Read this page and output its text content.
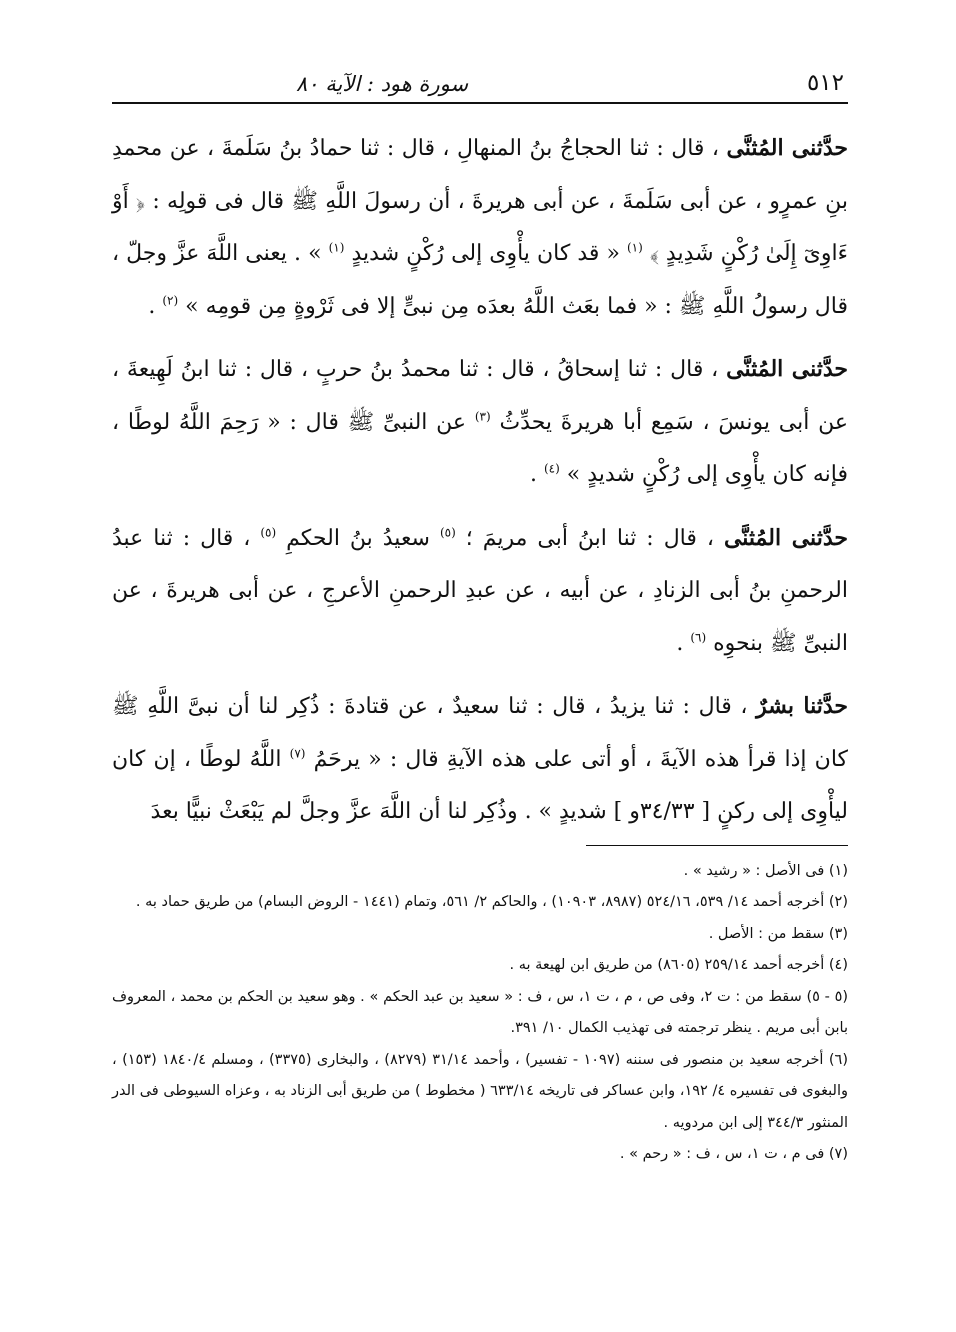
٥١٢
سورة هود : الآية ٨٠

حدَّثنى المُثنَّى ، قال : ثنا الحجاجُ بنُ المنهالِ ، قال : ثنا حمادُ بنُ سَلَمةَ ، عن محمدِ بنِ عمرٍو ، عن أبى سَلَمةَ ، عن أبى هريرةَ ، أن رسولَ اللَّهِ ﷺ قال فى قولِه : ﴿ أَوْ ءَاوِىٓ إِلَىٰ رُكْنٍ شَدِيدٍ ﴾ $^{(١)}$ « قد كان يأْوِى إلى رُكْنٍ شديدٍ $^{(١)}$ » . يعنى اللَّهَ عزَّ وجلّ ، قال رسولُ اللَّهِ ﷺ : « فما بعَث اللَّهُ بعدَه مِن نبىٍّ إلا فى ثَرْوةٍ مِن قومِه » $^{(٢)}$ .

حدَّثنى المُثنَّى ، قال : ثنا إسحاقُ ، قال : ثنا محمدُ بنُ حربٍ ، قال : ثنا ابنُ لَهِيعةَ ، عن أبى يونسَ ، سَمِع أبا هريرةَ يحدِّثُ $^{(٣)}$ عن النبىِّ ﷺ قال : « رَحِمَ اللَّهُ لوطًا ، فإنه كان يأْوِى إلى رُكْنٍ شديدٍ » $^{(٤)}$ .

حدَّثنى المُثنَّى ، قال : ثنا ابنُ أبى مريمَ ؛ $^{(٥)}$ سعيدُ بنُ الحكمِ $^{(٥)}$ ، قال : ثنا عبدُ الرحمنِ بنُ أبى الزنادِ ، عن أبيه ، عن عبدِ الرحمنِ الأعرجِ ، عن أبى هريرةَ ، عن النبىِّ ﷺ بنحوِه $^{(٦)}$ .

حدَّثنا بشرٌ ، قال : ثنا يزيدُ ، قال : ثنا سعيدٌ ، عن قتادةَ : ذُكِر لنا أن نبىَّ اللَّهِ ﷺ كان إذا قرأ هذه الآيةَ ، أو أتى على هذه الآيةِ قال : « يرحَمُ $^{(٧)}$ اللَّهُ لوطًا ، إن كان ليأْوِى إلى ركنٍ [ ٣٤/٣٣و ] شديدٍ » . وذُكِر لنا أن اللَّهَ عزَّ وجلَّ لم يَبْعَثْ نبيًّا بعدَ

(١) فى الأصل : « رشيد » .

(٢) أخرجه أحمد ١٤/ ٥٣٩، ٥٢٤/١٦ (٨٩٨٧، ١٠٩٠٣) ، والحاكم ٢/ ٥٦١، وتمام (١٤٤١ - الروض البسام) من طريق حماد به .

(٣) سقط من : الأصل .

(٤) أخرجه أحمد ٢٥٩/١٤ (٨٦٠٥) من طريق ابن لهيعة به .

(٥ - ٥) سقط من : ت ٢، وفى ص ، م ، ت ١، س ، ف : « سعيد بن عبد الحكم » . وهو سعيد بن الحكم بن محمد ، المعروف بابن أبى مريم . ينظر ترجمته فى تهذيب الكمال ١٠/ ٣٩١.

(٦) أخرجه سعيد بن منصور فى سننه (١٠٩٧ - تفسير) ، وأحمد ٣١/١٤ (٨٢٧٩) ، والبخارى (٣٣٧٥) ، ومسلم ١٨٤٠/٤ (١٥٣) ، والبغوى فى تفسيره ٤/ ١٩٢، وابن عساكر فى تاريخه ٦٣٣/١٤ ( مخطوط ) من طريق أبى الزناد به ، وعزاه السيوطى فى الدر المنثور ٣٤٤/٣ إلى ابن مردويه .

(٧) فى م ، ت ١، س ، ف : « رحم » .
